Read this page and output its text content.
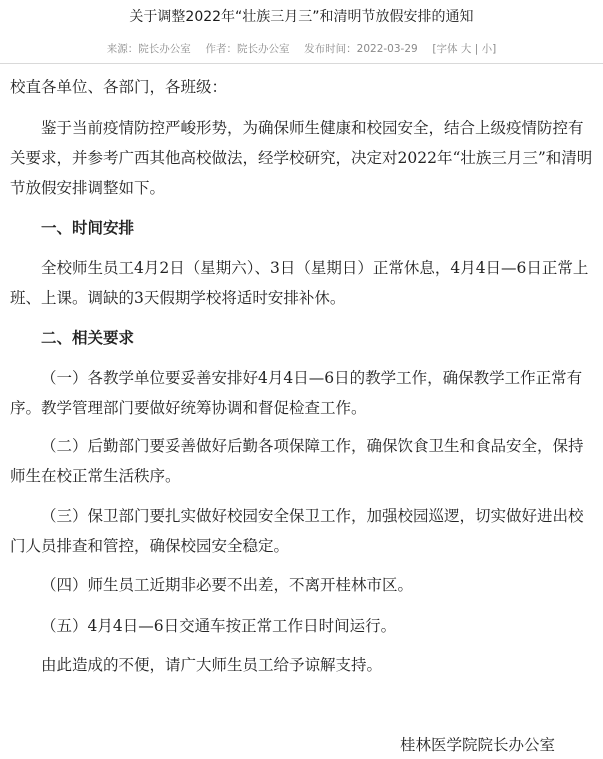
关于调整2022年“壮族三月三”和清明节放假安排的通知
来源：院长办公室 作者：院长办公室 发布时间：2022-03-29 [字体 大 | 小]

校直各单位、各部门，各班级：

鉴于当前疫情防控严峻形势，为确保师生健康和校园安全，结合上级疫情防控有关要求，并参考广西其他高校做法，经学校研究，决定对2022年“壮族三月三”和清明节放假安排调整如下。

一、时间安排

全校师生员工4月2日（星期六）、3日（星期日）正常休息，4月4日—6日正常上班、上课。调缺的3天假期学校将适时安排补休。

二、相关要求

（一）各教学单位要妥善安排好4月4日—6日的教学工作，确保教学工作正常有序。教学管理部门要做好统筹协调和督促检查工作。

（二）后勤部门要妥善做好后勤各项保障工作，确保饮食卫生和食品安全，保持师生在校正常生活秩序。

（三）保卫部门要扎实做好校园安全保卫工作，加强校园巡逻，切实做好进出校门人员排查和管控，确保校园安全稳定。

（四）师生员工近期非必要不出差，不离开桂林市区。

（五）4月4日—6日交通车按正常工作日时间运行。

由此造成的不便，请广大师生员工给予谅解支持。

桂林医学院院长办公室
